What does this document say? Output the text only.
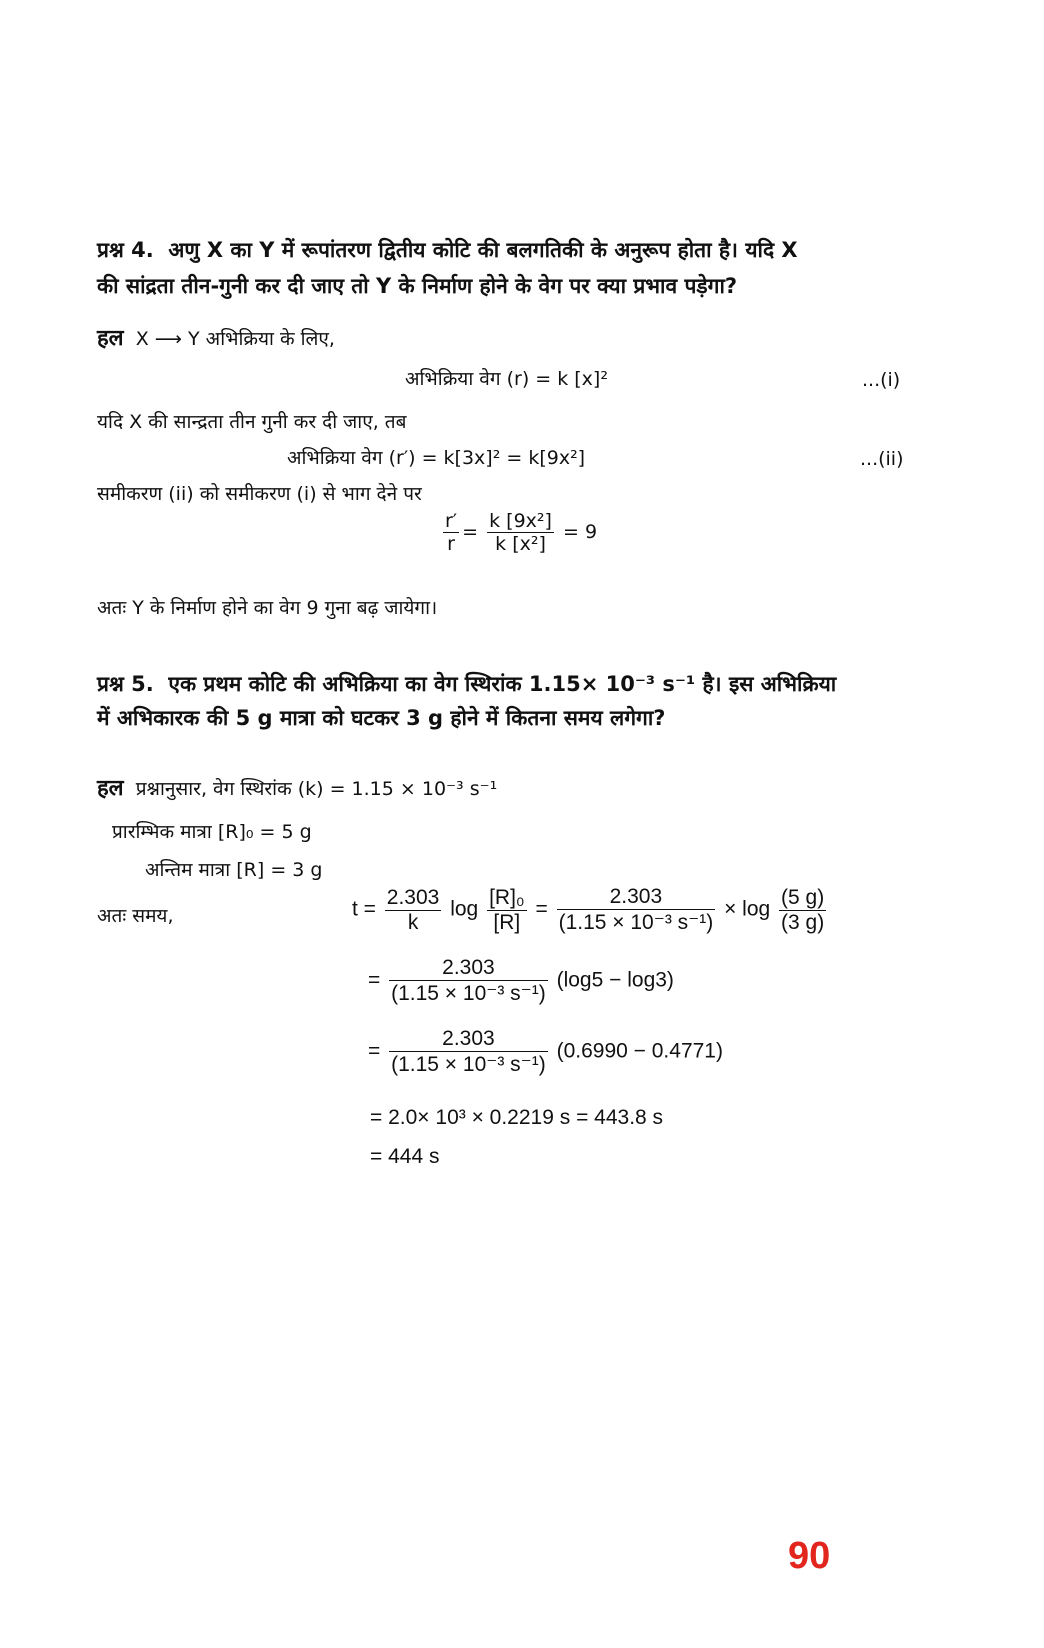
प्रश्न 4. अणु X का Y में रूपांतरण द्वितीय कोटि की बलगतिकी के अनुरूप होता है। यदि X
की सांद्रता तीन-गुनी कर दी जाए तो Y के निर्माण होने के वेग पर क्या प्रभाव पड़ेगा?
हल X ⟶ Y अभिक्रिया के लिए,
अभिक्रिया वेग (r) = k [x]²	...(i)
यदि X की सान्द्रता तीन गुनी कर दी जाए, तब
अभिक्रिया वेग (r′) = k[3x]² = k[9x²]	...(ii)
समीकरण (ii) को समीकरण (i) से भाग देने पर
$\frac{r'}{r} = \frac{\text{k [9x²]}}{\text{k [x²]}} = 9$
अतः Y के निर्माण होने का वेग 9 गुना बढ़ जायेगा।
प्रश्न 5. एक प्रथम कोटि की अभिक्रिया का वेग स्थिरांक 1.15× 10⁻³ s⁻¹ है। इस अभिक्रिया
में अभिकारक की 5 g मात्रा को घटकर 3 g होने में कितना समय लगेगा?
हल प्रश्नानुसार, वेग स्थिरांक (k) = 1.15 × 10⁻³ s⁻¹
प्रारम्भिक मात्रा [R]₀ = 5 g
अन्तिम मात्रा [R] = 3 g
अतः समय,	$t = \frac{2.303}{k}$ $\log \frac{\text{[R]₀}}{[R]} = \frac{2.303}{\text{(1.15 × 10⁻³ s⁻¹)}} \times \log \frac{(5 g)}{(3 g)}$
= $\frac{2.303}{\text{(1.15 × 10⁻³ s⁻¹)}} (\log 5 - \log 3)$
= $\frac{2.303}{\text{(1.15 × 10⁻³ s⁻¹)}} (0.6990 - 0.4771)$
= 2.0× 10³ × 0.2219 s = 443.8 s
= 444 s
90
